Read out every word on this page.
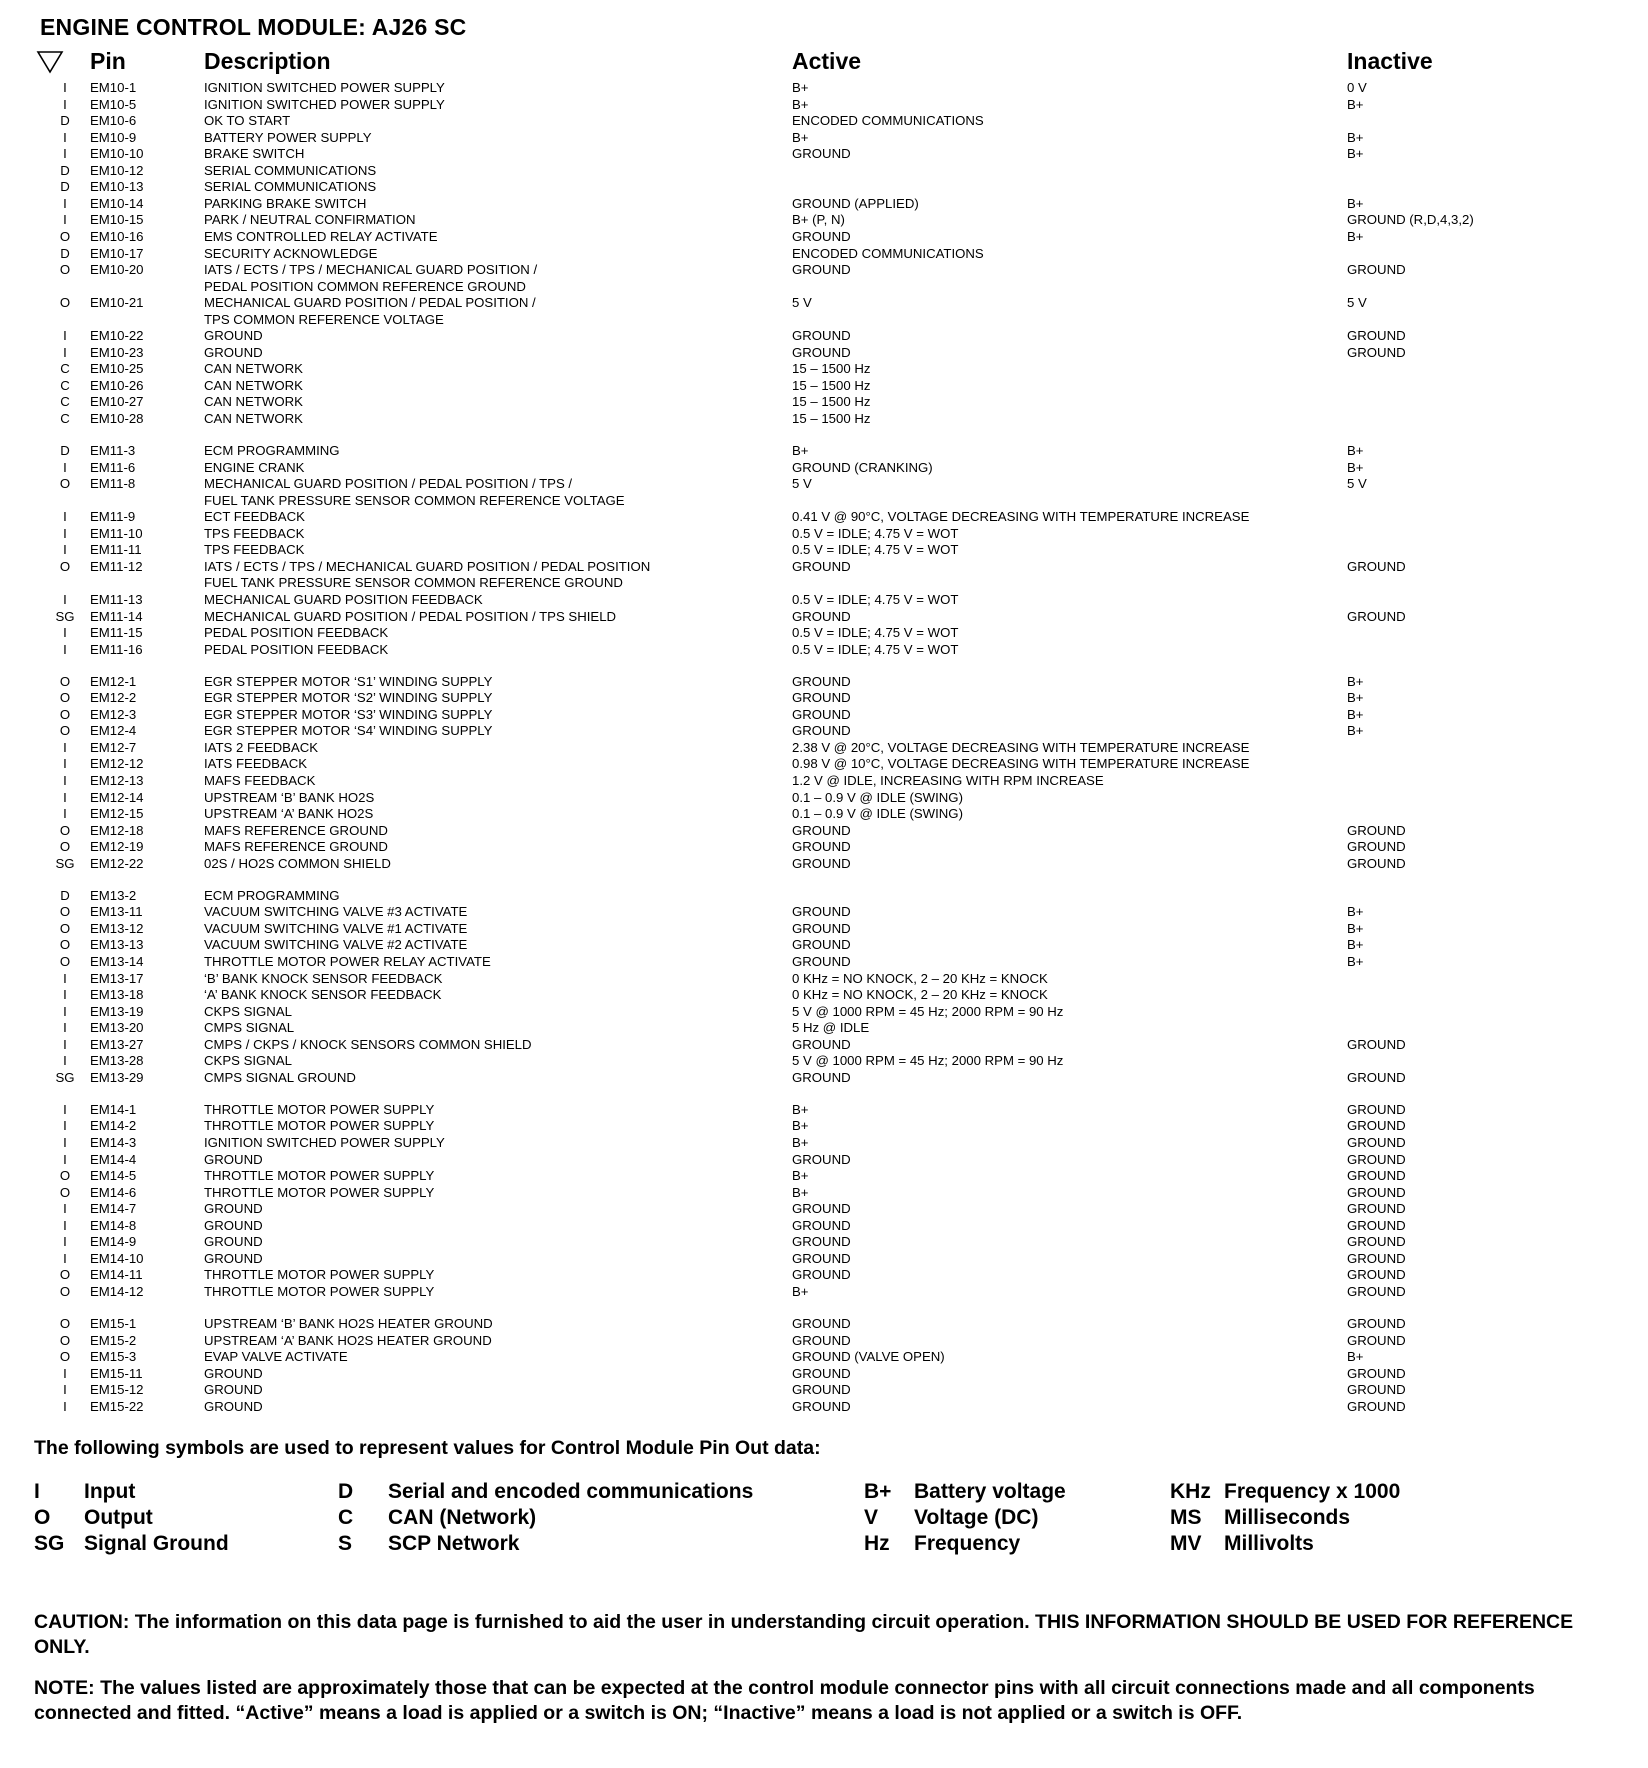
ENGINE CONTROL MODULE: AJ26 SC
Pin	Description	Active	Inactive
I	EM10-1	IGNITION SWITCHED POWER SUPPLY	B+	0 V
I	EM10-5	IGNITION SWITCHED POWER SUPPLY	B+	B+
D	EM10-6	OK TO START	ENCODED COMMUNICATIONS
I	EM10-9	BATTERY POWER SUPPLY	B+	B+
I	EM10-10	BRAKE SWITCH	GROUND	B+
D	EM10-12	SERIAL COMMUNICATIONS
D	EM10-13	SERIAL COMMUNICATIONS
I	EM10-14	PARKING BRAKE SWITCH	GROUND (APPLIED)	B+
I	EM10-15	PARK / NEUTRAL CONFIRMATION	B+ (P, N)	GROUND (R,D,4,3,2)
O	EM10-16	EMS CONTROLLED RELAY ACTIVATE	GROUND	B+
D	EM10-17	SECURITY ACKNOWLEDGE	ENCODED COMMUNICATIONS
O	EM10-20	IATS / ECTS / TPS / MECHANICAL GUARD POSITION /	GROUND	GROUND
PEDAL POSITION COMMON REFERENCE GROUND
O	EM10-21	MECHANICAL GUARD POSITION / PEDAL POSITION /	5 V	5 V
TPS COMMON REFERENCE VOLTAGE
I	EM10-22	GROUND	GROUND	GROUND
I	EM10-23	GROUND	GROUND	GROUND
C	EM10-25	CAN NETWORK	15 – 1500 Hz
C	EM10-26	CAN NETWORK	15 – 1500 Hz
C	EM10-27	CAN NETWORK	15 – 1500 Hz
C	EM10-28	CAN NETWORK	15 – 1500 Hz
D	EM11-3	ECM PROGRAMMING	B+	B+
I	EM11-6	ENGINE CRANK	GROUND (CRANKING)	B+
O	EM11-8	MECHANICAL GUARD POSITION / PEDAL POSITION / TPS /	5 V	5 V
FUEL TANK PRESSURE SENSOR COMMON REFERENCE VOLTAGE
I	EM11-9	ECT FEEDBACK	0.41 V @ 90°C, VOLTAGE DECREASING WITH TEMPERATURE INCREASE
I	EM11-10	TPS FEEDBACK	0.5 V = IDLE; 4.75 V = WOT
I	EM11-11	TPS FEEDBACK	0.5 V = IDLE; 4.75 V = WOT
O	EM11-12	IATS / ECTS / TPS / MECHANICAL GUARD POSITION / PEDAL POSITION	GROUND	GROUND
FUEL TANK PRESSURE SENSOR COMMON REFERENCE GROUND
I	EM11-13	MECHANICAL GUARD POSITION FEEDBACK	0.5 V = IDLE; 4.75 V = WOT
SG	EM11-14	MECHANICAL GUARD POSITION / PEDAL POSITION / TPS SHIELD	GROUND	GROUND
I	EM11-15	PEDAL POSITION FEEDBACK	0.5 V = IDLE; 4.75 V = WOT
I	EM11-16	PEDAL POSITION FEEDBACK	0.5 V = IDLE; 4.75 V = WOT
O	EM12-1	EGR STEPPER MOTOR ‘S1’ WINDING SUPPLY	GROUND	B+
O	EM12-2	EGR STEPPER MOTOR ‘S2’ WINDING SUPPLY	GROUND	B+
O	EM12-3	EGR STEPPER MOTOR ‘S3’ WINDING SUPPLY	GROUND	B+
O	EM12-4	EGR STEPPER MOTOR ‘S4’ WINDING SUPPLY	GROUND	B+
I	EM12-7	IATS 2 FEEDBACK	2.38 V @ 20°C, VOLTAGE DECREASING WITH TEMPERATURE INCREASE
I	EM12-12	IATS FEEDBACK	0.98 V @ 10°C, VOLTAGE DECREASING WITH TEMPERATURE INCREASE
I	EM12-13	MAFS FEEDBACK	1.2 V @ IDLE, INCREASING WITH RPM INCREASE
I	EM12-14	UPSTREAM ‘B’ BANK HO2S	0.1 – 0.9 V @ IDLE (SWING)
I	EM12-15	UPSTREAM ‘A’ BANK HO2S	0.1 – 0.9 V @ IDLE (SWING)
O	EM12-18	MAFS REFERENCE GROUND	GROUND	GROUND
O	EM12-19	MAFS REFERENCE GROUND	GROUND	GROUND
SG	EM12-22	02S / HO2S COMMON SHIELD	GROUND	GROUND
D	EM13-2	ECM PROGRAMMING
O	EM13-11	VACUUM SWITCHING VALVE #3 ACTIVATE	GROUND	B+
O	EM13-12	VACUUM SWITCHING VALVE #1 ACTIVATE	GROUND	B+
O	EM13-13	VACUUM SWITCHING VALVE #2 ACTIVATE	GROUND	B+
O	EM13-14	THROTTLE MOTOR POWER RELAY ACTIVATE	GROUND	B+
I	EM13-17	‘B’ BANK KNOCK SENSOR FEEDBACK	0 KHz = NO KNOCK, 2 – 20 KHz = KNOCK
I	EM13-18	‘A’ BANK KNOCK SENSOR FEEDBACK	0 KHz = NO KNOCK, 2 – 20 KHz = KNOCK
I	EM13-19	CKPS SIGNAL	5 V @ 1000 RPM = 45 Hz; 2000 RPM = 90 Hz
I	EM13-20	CMPS SIGNAL	5 Hz @ IDLE
I	EM13-27	CMPS / CKPS / KNOCK SENSORS COMMON SHIELD	GROUND	GROUND
I	EM13-28	CKPS SIGNAL	5 V @ 1000 RPM = 45 Hz; 2000 RPM = 90 Hz
SG	EM13-29	CMPS SIGNAL GROUND	GROUND	GROUND
I	EM14-1	THROTTLE MOTOR POWER SUPPLY	B+	GROUND
I	EM14-2	THROTTLE MOTOR POWER SUPPLY	B+	GROUND
I	EM14-3	IGNITION SWITCHED POWER SUPPLY	B+	GROUND
I	EM14-4	GROUND	GROUND	GROUND
O	EM14-5	THROTTLE MOTOR POWER SUPPLY	B+	GROUND
O	EM14-6	THROTTLE MOTOR POWER SUPPLY	B+	GROUND
I	EM14-7	GROUND	GROUND	GROUND
I	EM14-8	GROUND	GROUND	GROUND
I	EM14-9	GROUND	GROUND	GROUND
I	EM14-10	GROUND	GROUND	GROUND
O	EM14-11	THROTTLE MOTOR POWER SUPPLY	GROUND	GROUND
O	EM14-12	THROTTLE MOTOR POWER SUPPLY	B+	GROUND
O	EM15-1	UPSTREAM ‘B’ BANK HO2S HEATER GROUND	GROUND	GROUND
O	EM15-2	UPSTREAM ‘A’ BANK HO2S HEATER GROUND	GROUND	GROUND
O	EM15-3	EVAP VALVE ACTIVATE	GROUND (VALVE OPEN)	B+
I	EM15-11	GROUND	GROUND	GROUND
I	EM15-12	GROUND	GROUND	GROUND
I	EM15-22	GROUND	GROUND	GROUND
The following symbols are used to represent values for Control Module Pin Out data:
I Input
O Output
SG Signal Ground
D Serial and encoded communications
C CAN (Network)
S SCP Network
B+ Battery voltage
V Voltage (DC)
Hz Frequency
KHz Frequency x 1000
MS Milliseconds
MV Millivolts
CAUTION: The information on this data page is furnished to aid the user in understanding circuit operation. THIS INFORMATION SHOULD BE USED FOR REFERENCE ONLY.
NOTE: The values listed are approximately those that can be expected at the control module connector pins with all circuit connections made and all components connected and fitted. “Active” means a load is applied or a switch is ON; “Inactive” means a load is not applied or a switch is OFF.
